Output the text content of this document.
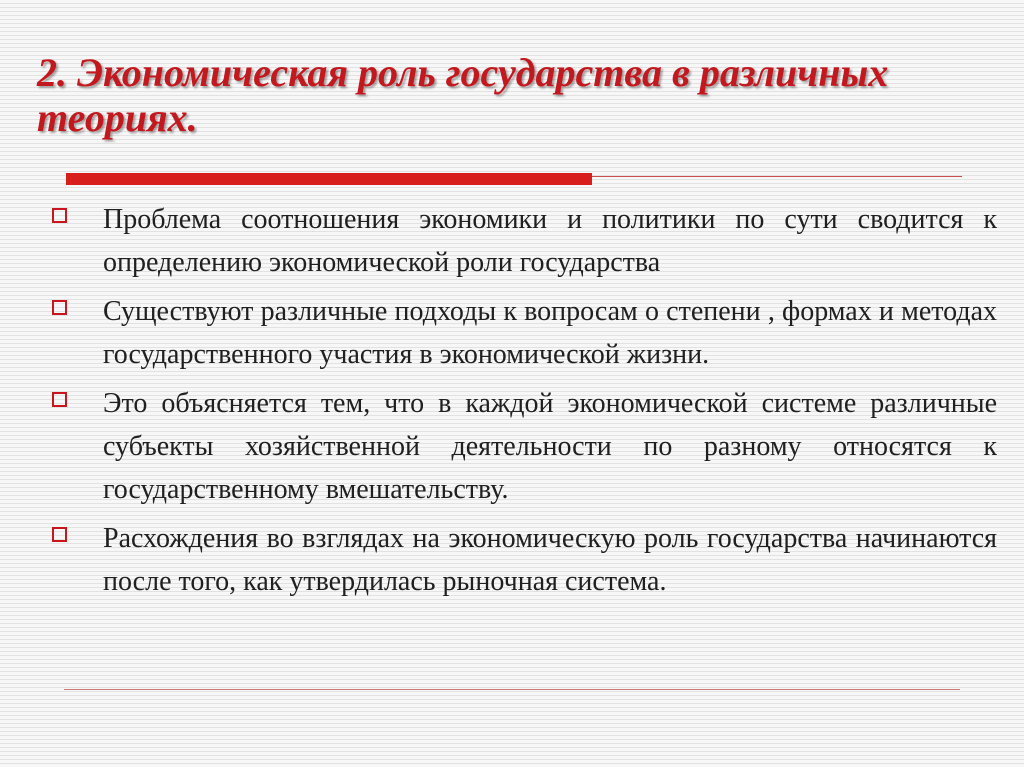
2. Экономическая роль государства в различных теориях.
Проблема соотношения экономики и политики по сути сводится к определению экономической роли государства
Существуют различные подходы к вопросам о степени , формах и методах государственного участия в экономической жизни.
Это объясняется тем, что в каждой экономической системе различные субъекты хозяйственной деятельности по разному относятся к государственному вмешательству.
Расхождения во взглядах на экономическую роль государства начинаются после того, как утвердилась рыночная система.
